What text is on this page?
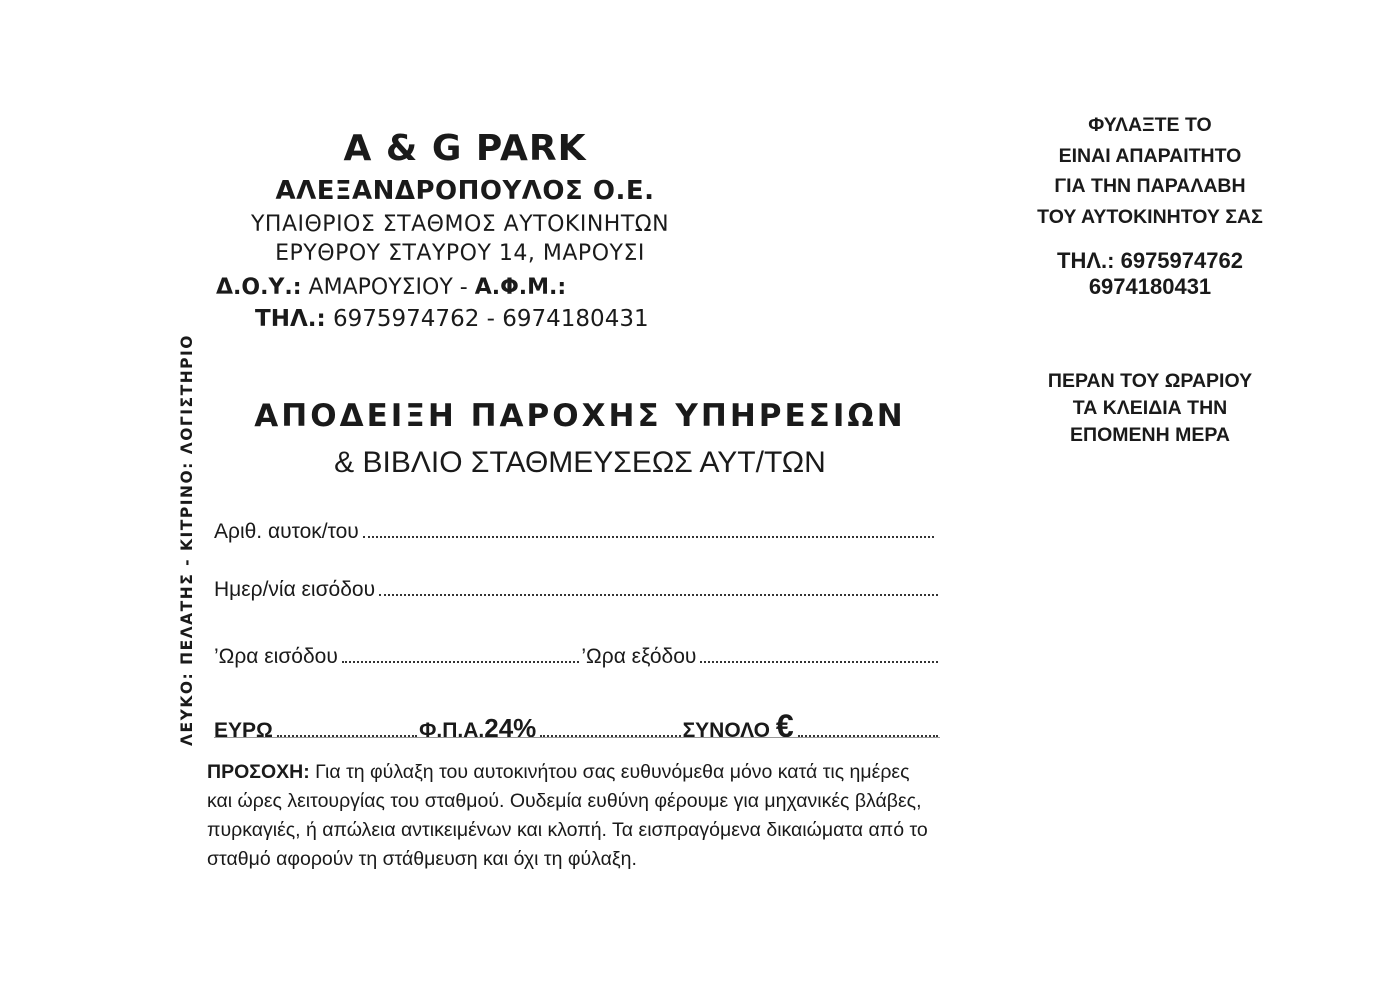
A & G PARK
ΑΛΕΞΑΝΔΡΟΠΟΥΛΟΣ Ο.Ε.
ΥΠΑΙΘΡΙΟΣ ΣΤΑΘΜΟΣ ΑΥΤΟΚΙΝΗΤΩΝ
ΕΡΥΘΡΟΥ ΣΤΑΥΡΟΥ 14, ΜΑΡΟΥΣΙ
Δ.Ο.Υ.: ΑΜΑΡΟΥΣΙΟΥ - Α.Φ.Μ.:
ΤΗΛ.: 6975974762 - 6974180431
ΑΠΟΔΕΙΞΗ ΠΑΡΟΧΗΣ ΥΠΗΡΕΣΙΩΝ
& ΒΙΒΛΙΟ ΣΤΑΘΜΕΥΣΕΩΣ ΑΥΤ/ΤΩΝ
Αριθ. αυτοκ/του
Ημερ/νία εισόδου
’Ωρα εισόδου	’Ωρα εξόδου
ΕΥΡΩ	Φ.Π.Α. 24%	ΣΥΝΟΛΟ €
ΠΡΟΣΟΧΗ: Για τη φύλαξη του αυτοκινήτου σας ευθυνόμεθα μόνο κατά τις ημέρες και ώρες λειτουργίας του σταθμού. Ουδεμία ευθύνη φέρουμε για μηχανικές βλάβες, πυρκαγιές, ή απώλεια αντικειμένων και κλοπή. Τα εισπραγόμενα δικαιώματα από το σταθμό αφορούν τη στάθμευση και όχι τη φύλαξη.
ΛΕΥΚΟ: ΠΕΛΑΤΗΣ - ΚΙΤΡΙΝΟ: ΛΟΓΙΣΤΗΡΙΟ
ΦΥΛΑΞΤΕ ΤΟ
ΕΙΝΑΙ ΑΠΑΡΑΙΤΗΤΟ
ΓΙΑ ΤΗΝ ΠΑΡΑΛΑΒΗ
ΤΟΥ ΑΥΤΟΚΙΝΗΤΟΥ ΣΑΣ
ΤΗΛ.: 6975974762
6974180431
ΠΕΡΑΝ ΤΟΥ ΩΡΑΡΙΟΥ
ΤΑ ΚΛΕΙΔΙΑ ΤΗΝ
ΕΠΟΜΕΝΗ ΜΕΡΑ
